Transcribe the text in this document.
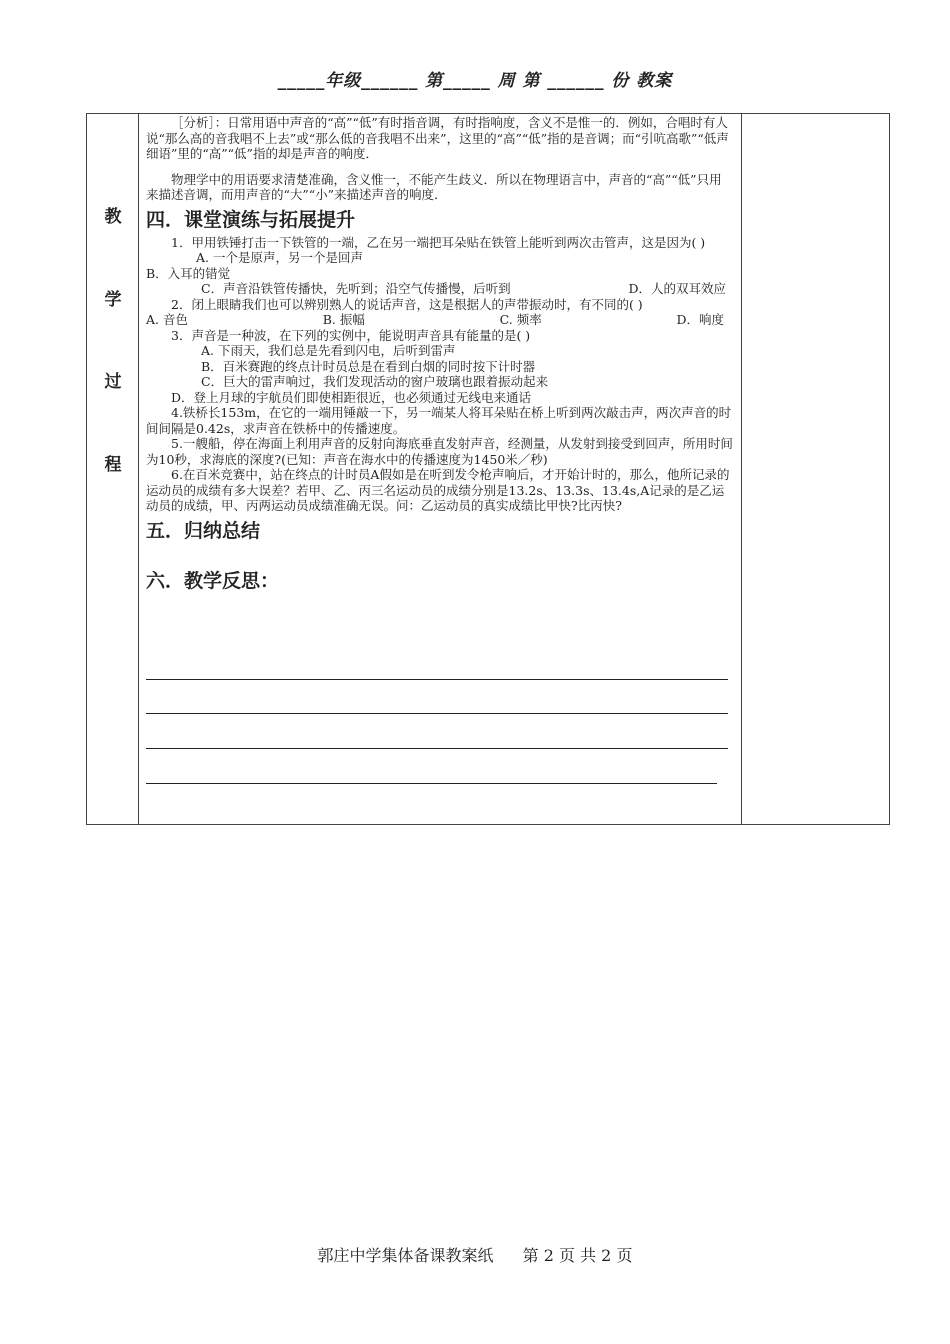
_____年级______ 第_____ 周 第 ______ 份 教案
教
学
过
程

［分析］：日常用语中声音的“高”“低”有时指音调，有时指响度，含义不是惟一的．例如，合唱时有人说“那么高的音我唱不上去”或“那么低的音我唱不出来”，这里的“高”“低”指的是音调；而“引吭高歌”“低声细语”里的“高”“低”指的却是声音的响度．

物理学中的用语要求清楚准确，含义惟一，不能产生歧义．所以在物理语言中，声音的“高”“低”只用来描述音调，而用声音的“大”“小”来描述声音的响度．

四．课堂演练与拓展提升

1．甲用铁锤打击一下铁管的一端，乙在另一端把耳朵贴在铁管上能听到两次击管声，这是因为( )

A. 一个是原声，另一个是回声

B．入耳的错觉

C．声音沿铁管传播快，先听到；沿空气传播慢，后听到	D．人的双耳效应

2．闭上眼睛我们也可以辨别熟人的说话声音，这是根据人的声带振动时，有不同的( )

A. 音色	B. 振幅	C. 频率	D．响度

3．声音是一种波，在下列的实例中，能说明声音具有能量的是( )

A. 下雨天，我们总是先看到闪电，后听到雷声

B．百米赛跑的终点计时员总是在看到白烟的同时按下计时器

C．巨大的雷声响过，我们发现活动的窗户玻璃也跟着振动起来

D．登上月球的宇航员们即使相距很近，也必须通过无线电来通话

4.铁桥长153m，在它的一端用锤敲一下，另一端某人将耳朵贴在桥上听到两次敲击声，两次声音的时间间隔是0.42s，求声音在铁桥中的传播速度。

5.一艘船，停在海面上利用声音的反射向海底垂直发射声音，经测量，从发射到接受到回声，所用时间为10秒，求海底的深度?(已知：声音在海水中的传播速度为1450米／秒)

6.在百米竞赛中，站在终点的计时员A假如是在听到发令枪声响后，才开始计时的，那么，他所记录的运动员的成绩有多大误差？若甲、乙、丙三名运动员的成绩分别是13.2s、13.3s、13.4s,A记录的是乙运动员的成绩，甲、丙两运动员成绩准确无误。问：乙运动员的真实成绩比甲快?比丙快?

五．归纳总结
六．教学反思：
郭庄中学集体备课教案纸 第 2 页 共 2 页
